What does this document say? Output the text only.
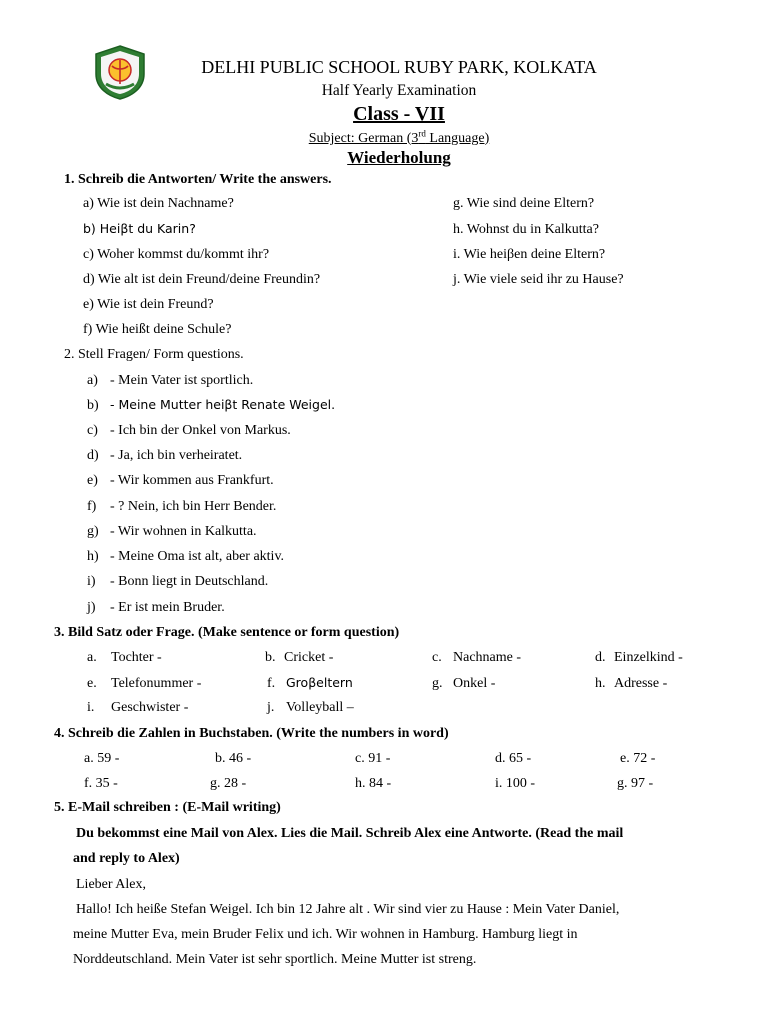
DELHI PUBLIC SCHOOL RUBY PARK, KOLKATA
Half Yearly Examination
Class - VII
Subject: German (3rd Language)
Wiederholung
1. Schreib die Antworten/ Write the answers.
a) Wie ist dein Nachname?
b) Heiβt du Karin?
c) Woher kommst du/kommt ihr?
d) Wie alt ist dein Freund/deine Freundin?
e) Wie ist dein Freund?
f) Wie heißt deine Schule?
g. Wie sind deine Eltern?
h. Wohnst du in Kalkutta?
i. Wie heiβen deine Eltern?
j. Wie viele seid ihr zu Hause?
2. Stell Fragen/ Form questions.
a) - Mein Vater ist sportlich.
b) - Meine Mutter heiβt Renate Weigel.
c) - Ich bin der Onkel von Markus.
d) - Ja, ich bin verheiratet.
e) - Wir kommen aus Frankfurt.
f) - ? Nein, ich bin Herr Bender.
g) - Wir wohnen in Kalkutta.
h) - Meine Oma ist alt, aber aktiv.
i) - Bonn liegt in Deutschland.
j) - Er ist mein Bruder.
3. Bild Satz oder Frage. (Make sentence or form question)
a. Tochter -	b. Cricket -	c. Nachname -	d. Einzelkind -
e. Telefonummer -	f. Groβeltern	g. Onkel -	h. Adresse -
i. Geschwister -	j. Volleyball –
4. Schreib die Zahlen in Buchstaben. (Write the numbers in word)
a. 59 -	b. 46 -	c. 91 -	d. 65 -	e. 72 -
f. 35 -	g. 28 -	h. 84 -	i. 100 -	g. 97 -
5. E-Mail schreiben : (E-Mail writing)
Du bekommst eine Mail von Alex. Lies die Mail. Schreib Alex eine Antworte. (Read the mail
and reply to Alex)
Lieber Alex,
Hallo! Ich heiße Stefan Weigel. Ich bin 12 Jahre alt . Wir sind vier zu Hause : Mein Vater Daniel,
meine Mutter Eva, mein Bruder Felix und ich. Wir wohnen in Hamburg. Hamburg liegt in
Norddeutschland. Mein Vater ist sehr sportlich. Meine Mutter ist streng.
